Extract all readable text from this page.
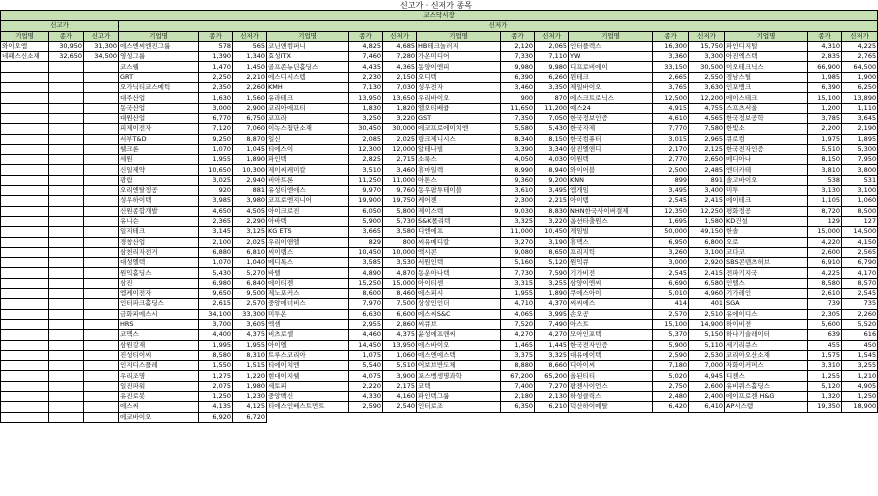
신고가 · 신저가 종목
코스닥시장																	
신고가			신저가														
기업명	종가	신고가	기업명	종가	신저가	기업명	종가	신저가	기업명	종가	신저가	기업명	종가	신저가	기업명	종가	신저가
와이오엠	30,950	31,300	에스엔씨엔진그룹	578	565	코닌앤컴퍼니	4,825	4,685	HB테크놀러지	2,120	2,065	인터플렉스	16,300	15,750	파인디지털	4,310	4,225
네패스신소재	32,650	34,500	영성그룹	1,390	1,340	효성ITX	7,460	7,280	가온미디어	7,330	7,110	YW	3,360	3,300	아진엑스텍	2,835	2,765
			코스웰	1,470	1,450	골프존뉴딘홀딩스	4,435	4,365	동양이엔피	9,980	9,980	디프로비에이	33,150	30,500	이오테크닉스	66,900	64,500
			GRT	2,250	2,210	에스디시스템	2,230	2,150	오디텍	6,390	6,260	윈테크	2,665	2,550	경남스틸	1,985	1,900
			오가닉티코스메틱	2,350	2,260	KMH	7,130	7,030	성우전자	3,460	3,350	제일바이오	3,765	3,630	인포뱅크	6,390	6,250
			대주산업	1,630	1,560	유라테크	13,950	13,650	우리바이오	900	870	에스크트로닉스	12,500	12,200	에이스테크	15,100	13,890
			동국산업	3,000	2,900	코리아에프티	1,830	1,820	엘오티베큠	11,650	11,200	예스24	4,915	4,755	스프츠서울	1,200	1,110
			대원산업	6,770	6,750	코프라	3,250	3,220	GST	7,350	7,050	한국정보인증	4,610	4,565	한국정보공학	3,785	3,645
			피제이전자	7,120	7,060	이녹스첨단소재	30,450	30,000	에코프로에이치엔	5,580	5,430	한국자제	7,770	7,580	한빛소	2,200	2,190
			서부T&D	9,250	8,870	일신	2,085	2,025	링크제니시스	8,340	8,150	한국컴퓨터	3,015	2,965	큐로컴	1,975	1,895
			웰크론	1,070	1,045	티에스이	12,300	12,000	알테나빌	3,390	3,340	삼진엘앤디	2,170	2,125	한국전자인증	5,510	5,300
			세원	1,955	1,890	파인텍	2,825	2,715	소룩스	4,050	4,030	이원텍	2,770	2,650	메디아나	8,150	7,950
			신일제약	10,650	10,300	제이씨케미칼	3,510	3,460	휴마일렉	8,990	8,940	와이어블	2,500	2,485	엔더카테	3,810	3,800
			광림	3,025	2,940	비아트론	11,250	11,000	아톤스	9,360	9,200	KNN	899	891	솔고바이오	538	531
			오리엔탈정공	920	881	유성티엔에스	9,970	9,760	동우팜투테이블	3,610	3,495	엠게임	3,495	3,400	미투	3,130	3,100
			성우하이텍	3,985	3,980	코프로엔지니어	19,900	19,750	케어젠	2,300	2,215	아이템	2,545	2,415	에이테크	1,105	1,060
			신원종합개발	4,650	4,505	아이크로진	6,050	5,800	제이스텍	9,030	8,830	NHN한국사이버결제	12,350	12,250	평화정공	8,720	8,500
			유니슨	2,365	2,290	아바텍	5,900	5,730	S&K폴리텍	3,325	3,220	옵션타출원스	1,695	1,580	KD건설	129	127
			일지테크	3,145	3,125	KG ETS	3,665	3,580	디엔에프	11,000	10,450	게임빌	50,000	49,150	한솔	15,000	14,500
			경창산업	2,100	2,025	우리이앤엘	829	800	씨유메디칼	3,270	3,190	휴맥스	6,950	6,800	오로	4,220	4,150
			삼천리자전거	6,880	6,810	씨이랩스	10,450	10,000	엑시콘	9,080	8,650	프리지틱	3,260	3,100	코다코	2,600	2,565
			대성엘텍	1,070	1,040	메디톡스	3,585	3,530	서원인텍	5,160	5,120	원익큐	3,000	2,920	SBS콘텐츠허브	6,910	6,790
			원익홀딩스	5,430	5,270	바텔	4,890	4,870	동운아나텍	7,730	7,590	기가비전	2,545	2,415	전파기지국	4,225	4,170
			삼진	6,980	6,840	에이티젠	15,250	15,000	아이티센	3,315	3,255	삼양이엔씨	6,690	6,580	인텔스	8,580	8,570
			엠케이전자	9,650	9,500	제노포커스	8,600	8,460	에스피시	1,955	1,890	쿠에스아이	5,010	4,960	기가레인	2,610	2,545
			인터파크홀딩스	2,615	2,570	중앙에너비스	7,970	7,500	상상인인더	4,710	4,370	씨씨에스	414	401	SGA	739	735
			금화피에스시	34,100	33,300	미투온	6,630	6,600	에스씨S&C	4,065	3,995	손오공	2,570	2,510	유에이디스	2,305	2,260
			HRS	3,700	3,605	엑셈	2,955	2,860	씨큐브	7,520	7,490	아스트	15,100	14,900	하이비젼	5,600	5,520
			코맥스	4,400	4,375	비츠로셀	4,460	4,375	윤성에프앤씨	4,270	4,270	모아인포텍	5,370	5,150	하나기술레이터	639	616
			삼원강재	1,995	1,955	아이엘	14,450	13,950	에스바이오	1,465	1,445	한국전자인증	5,900	5,110	세기리큐스	455	450
			진성티이씨	8,580	8,310	트루스코리아	1,075	1,060	에스엔에스텍	3,375	3,325	대유에이텍	2,590	2,530	코리아오산소재	1,575	1,545
			인지디스플레	1,550	1,515	티에이치엔	5,540	5,510	어보브반도체	8,880	8,660	디아이씨	7,180	7,000	자화이커머스	3,310	3,255
			우리조명	1,275	1,220	현대이지웰	4,075	3,900	포스뱅생명과학	67,200	65,200	올된티티	5,020	4,945	디젠스	1,255	1,210
			일진파워	2,075	1,980	세토피	2,220	2,175	코텍	7,400	7,270	팜젠사이언스	2,750	2,600	유비쿼스홀딩스	5,120	4,905
			유진로봇	1,250	1,230	중앙백신	4,330	4,160	파인텍그룹	2,180	2,130	하성클릭스	2,480	2,400	에이프로젠 H&G	1,320	1,250
			에스씨	4,135	4,125	티에스인베스트먼트	2,590	2,540	인터로조	6,350	6,210	덕산하이메탈	6,420	6,410	AP시스템	19,350	18,900
			에코바이오	6,920	6,720												
